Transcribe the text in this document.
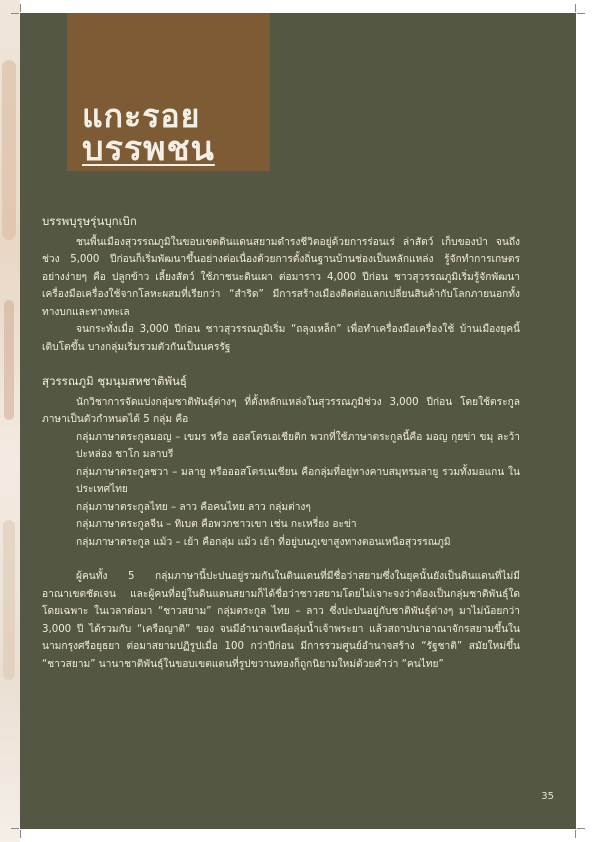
แกะรอย
บรรพชน
35
บรรพบุรุษรุ่นบุกเบิก

ชนพื้นเมืองสุวรรณภูมิในขอบเขตดินแดนสยามดำรงชีวิตอยู่ด้วยการร่อนเร่ ล่าสัตว์ เก็บของป่า จนถึงช่วง 5,000 ปีก่อนก็เริ่มพัฒนาขึ้นอย่างต่อเนื่องด้วยการตั้งถิ่นฐานบ้านช่องเป็นหลักแหล่ง รู้จักทำการเกษตรอย่างง่ายๆ คือ ปลูกข้าว เลี้ยงสัตว์ ใช้ภาชนะดินเผา ต่อมาราว 4,000 ปีก่อน ชาวสุวรรณภูมิเริ่มรู้จักพัฒนาเครื่องมือเครื่องใช้จากโลหะผสมที่เรียกว่า “สำริด” มีการสร้างเมืองติดต่อแลกเปลี่ยนสินค้ากับโลกภายนอกทั้งทางบกและทางทะเล

จนกระทั่งเมื่อ 3,000 ปีก่อน ชาวสุวรรณภูมิเริ่ม “ถลุงเหล็ก” เพื่อทำเครื่องมือเครื่องใช้ บ้านเมืองยุคนี้เติบโตขึ้น บางกลุ่มเริ่มรวมตัวกันเป็นนครรัฐ

สุวรรณภูมิ ชุมนุมสหชาติพันธุ์

นักวิชาการจัดแบ่งกลุ่มชาติพันธุ์ต่างๆ ที่ตั้งหลักแหล่งในสุวรรณภูมิช่วง 3,000 ปีก่อน โดยใช้ตระกูลภาษาเป็นตัวกำหนดได้ 5 กลุ่ม คือ

กลุ่มภาษาตระกูลมอญ – เขมร หรือ ออสโตรเอเชียติก พวกที่ใช้ภาษาตระกูลนี้คือ มอญ กุยข่า ขมุ ละว้า ปะหล่อง ชาโก มลาบรี

กลุ่มภาษาตระกูลชวา – มลายู หรือออสโตรเนเชียน คือกลุ่มที่อยู่ทางคาบสมุทรมลายู รวมทั้งมอแกน ในประเทศไทย

กลุ่มภาษาตระกูลไทย – ลาว คือคนไทย ลาว กลุ่มต่างๆ

กลุ่มภาษาตระกูลจีน – ทิเบต คือพวกชาวเขา เช่น กะเหรี่ยง อะข่า

กลุ่มภาษาตระกูล แม้ว – เย้า คือกลุ่ม แม้ว เย้า ที่อยู่บนภูเขาสูงทางตอนเหนือสุวรรณภูมิ

ผู้คนทั้ง 5 กลุ่มภาษานี้ปะปนอยู่รวมกันในดินแดนที่มีชื่อว่าสยามซึ่งในยุคนั้นยังเป็นดินแดนที่ไม่มีอาณาเขตชัดเจน และผู้คนที่อยู่ในดินแดนสยามก็ได้ชื่อว่าชาวสยามโดยไม่เจาะจงว่าต้องเป็นกลุ่มชาติพันธุ์ใดโดยเฉพาะ ในเวลาต่อมา “ชาวสยาม” กลุ่มตระกูล ไทย – ลาว ซึ่งปะปนอยู่กับชาติพันธุ์ต่างๆ มาไม่น้อยกว่า 3,000 ปี ได้รวมกับ “เครือญาติ” ของ จนมีอำนาจเหนือลุ่มน้ำเจ้าพระยา แล้วสถาปนาอาณาจักรสยามขึ้นในนามกรุงศรีอยุธยา ต่อมาสยามปฏิรูปเมื่อ 100 กว่าปีก่อน มีการรวมศูนย์อำนาจสร้าง “รัฐชาติ” สมัยใหม่ขึ้น “ชาวสยาม” นานาชาติพันธุ์ในขอบเขตแดนที่รูปขวานทองก็ถูกนิยามใหม่ด้วยคำว่า “คนไทย”
